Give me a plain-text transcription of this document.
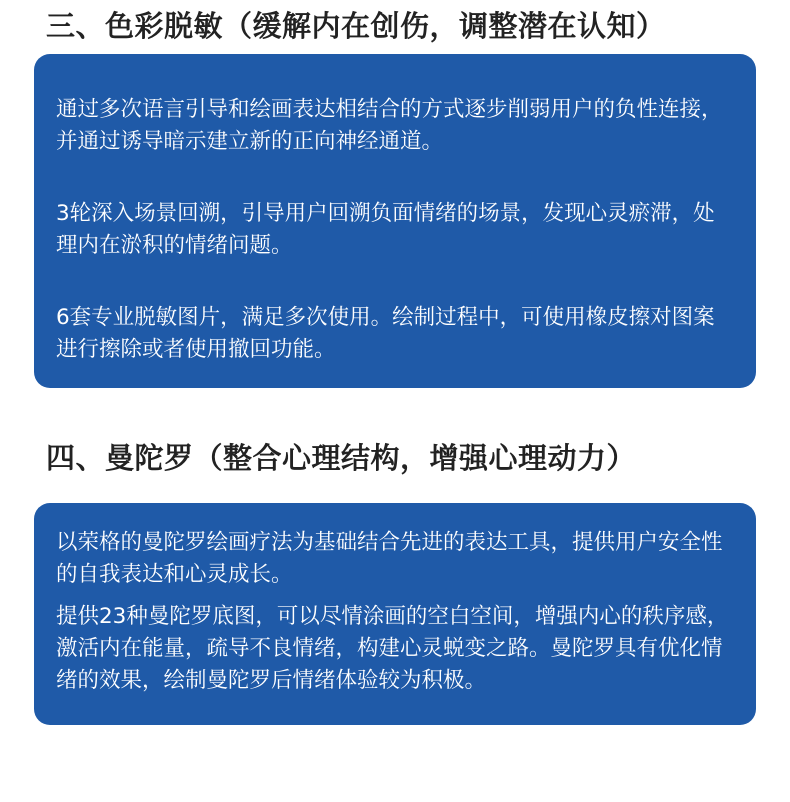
三、色彩脱敏（缓解内在创伤，调整潜在认知）

通过多次语言引导和绘画表达相结合的方式逐步削弱用户的负性连接，并通过诱导暗示建立新的正向神经通道。

3轮深入场景回溯，引导用户回溯负面情绪的场景，发现心灵瘀滞，处理内在淤积的情绪问题。

6套专业脱敏图片，满足多次使用。绘制过程中，可使用橡皮擦对图案进行擦除或者使用撤回功能。

四、曼陀罗（整合心理结构，增强心理动力）

以荣格的曼陀罗绘画疗法为基础结合先进的表达工具，提供用户安全性的自我表达和心灵成长。

提供23种曼陀罗底图，可以尽情涂画的空白空间，增强内心的秩序感，激活内在能量，疏导不良情绪，构建心灵蜕变之路。曼陀罗具有优化情绪的效果，绘制曼陀罗后情绪体验较为积极。
